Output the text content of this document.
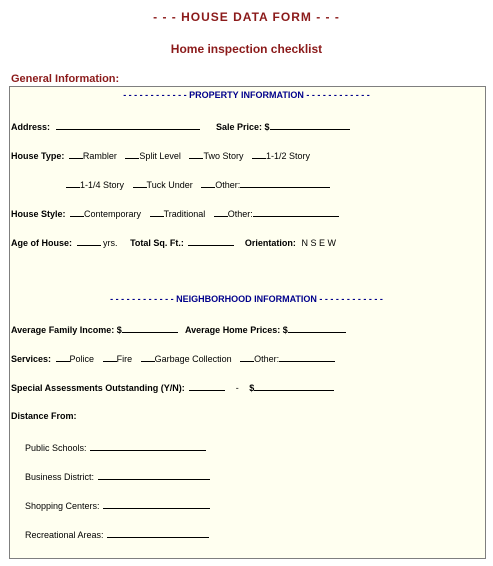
- - - HOUSE DATA FORM - - -
Home inspection checklist
General Information:
- - - - - - - - - - - - PROPERTY INFORMATION - - - - - - - - - - - -
Address:	Sale Price: $
House Type: Rambler	Split Level	Two Story	1-1/2 Story
1-1/4 Story	Tuck Under	Other:
House Style: Contemporary	Traditional	Other:
Age of House:	yrs. Total Sq. Ft.:	Orientation: N S E W
- - - - - - - - - - - - NEIGHBORHOOD INFORMATION - - - - - - - - - - - -
Average Family Income: $	Average Home Prices: $
Services: Police	Fire	Garbage Collection	Other:
Special Assessments Outstanding (Y/N):	- $
Distance From:
Public Schools:
Business District:
Shopping Centers:
Recreational Areas:
